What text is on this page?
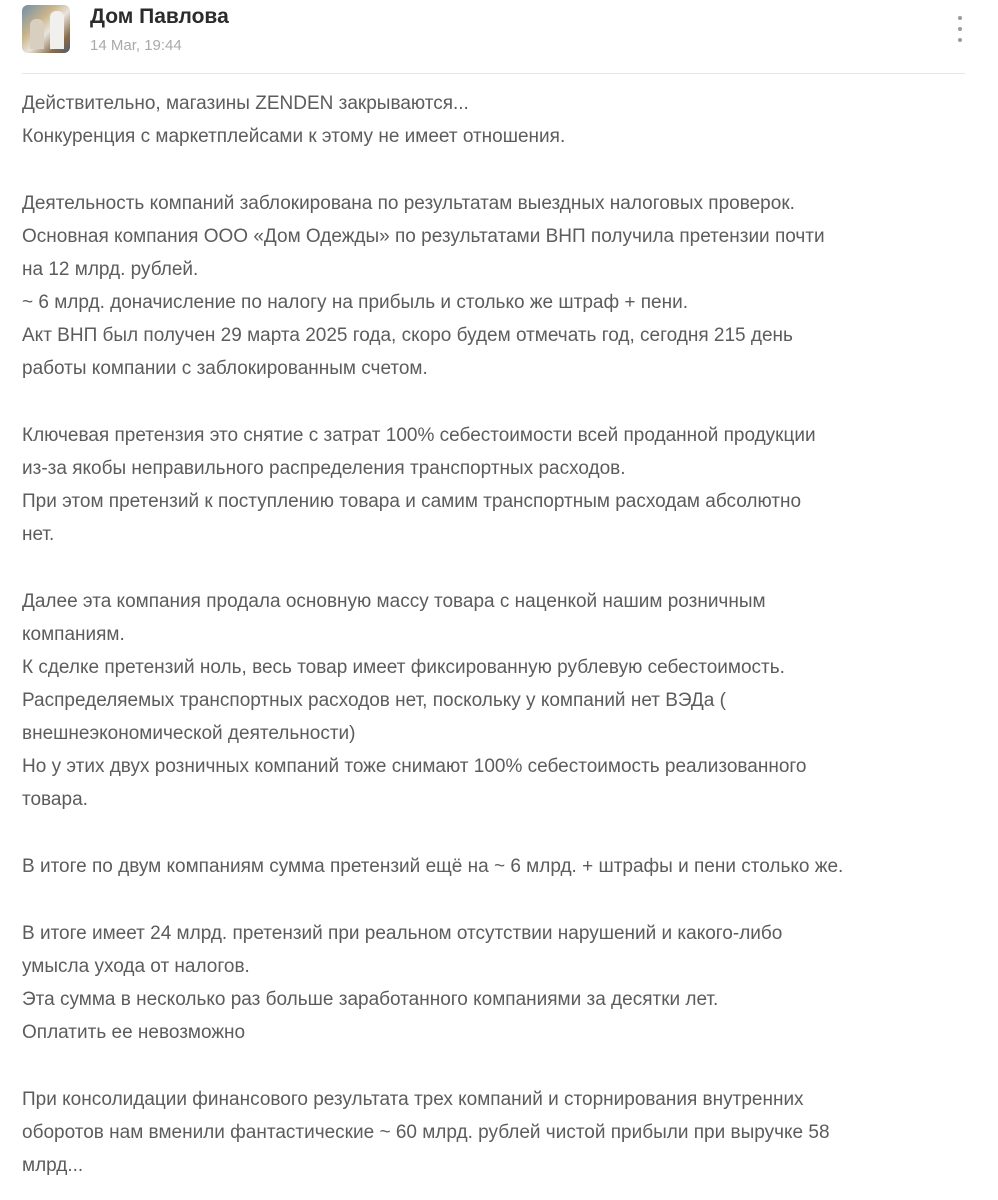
Дом Павлова
14 Mar, 19:44
Действительно, магазины ZENDEN закрываются...
Конкуренция с маркетплейсами к этому не имеет отношения.
Деятельность компаний заблокирована по результатам выездных налоговых проверок.
Основная компания ООО «Дом Одежды» по результатами ВНП получила претензии почти
на 12 млрд. рублей.
~ 6 млрд. доначисление по налогу на прибыль и столько же штраф + пени.
Акт ВНП был получен 29 марта 2025 года, скоро будем отмечать год, сегодня 215 день
работы компании с заблокированным счетом.
Ключевая претензия это снятие с затрат 100% себестоимости всей проданной продукции
из-за якобы неправильного распределения транспортных расходов.
При этом претензий к поступлению товара и самим транспортным расходам абсолютно
нет.
Далее эта компания продала основную массу товара с наценкой нашим розничным
компаниям.
К сделке претензий ноль, весь товар имеет фиксированную рублевую себестоимость.
Распределяемых транспортных расходов нет, поскольку у компаний нет ВЭДа (
внешнеэкономической деятельности)
Но у этих двух розничных компаний тоже снимают 100% себестоимость реализованного
товара.
В итоге по двум компаниям сумма претензий ещё на ~ 6 млрд. + штрафы и пени столько же.
В итоге имеет 24 млрд. претензий при реальном отсутствии нарушений и какого-либо
умысла ухода от налогов.
Эта сумма в несколько раз больше заработанного компаниями за десятки лет.
Оплатить ее невозможно
При консолидации финансового результата трех компаний и сторнирования внутренних
оборотов нам вменили фантастические ~ 60 млрд. рублей чистой прибыли при выручке 58
млрд...
